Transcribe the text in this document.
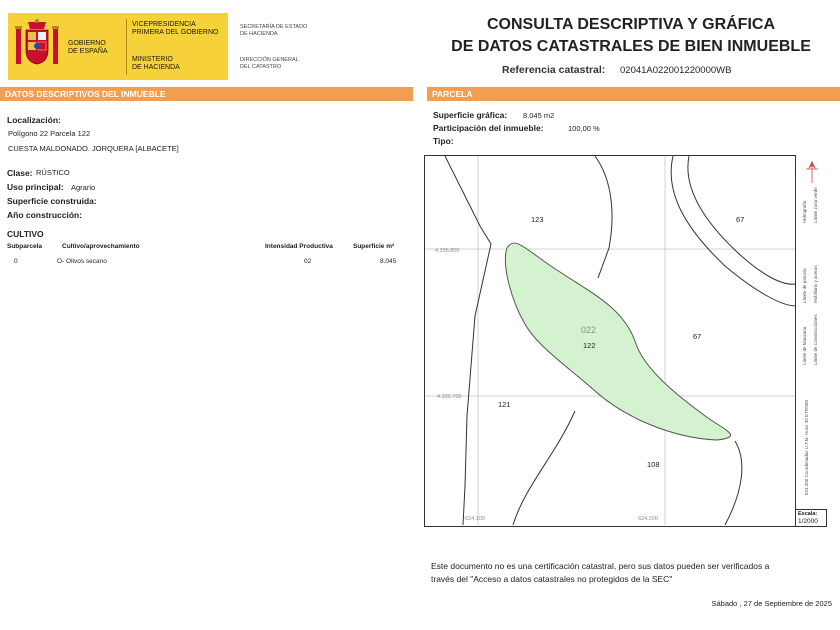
GOBIERNO
DE ESPAÑA
VICEPRESIDENCIA
PRIMERA DEL GOBIERNO
MINISTERIO
DE HACIENDA
SECRETARÍA DE ESTADO
DE HACIENDA
DIRECCIÓN GENERAL
DEL CATASTRO
CONSULTA DESCRIPTIVA Y GRÁFICA
DE DATOS CATASTRALES DE BIEN INMUEBLE
Referencia catastral: 02041A022001220000WB
DATOS DESCRIPTIVOS DEL INMUEBLE	PARCELA
Localización:
Polígono 22 Parcela 122
CUESTA MALDONADO. JORQUERA [ALBACETE]
Clase: RÚSTICO
Uso principal: Agrario
Superficie construida:
Año construcción:
CULTIVO
Subparcela	Cultivo/aprovechamiento	Intensidad Productiva	Superficie m²
0	O- Olivos secano	02	8.045
Superficie gráfica: 8.045 m2
Participación del inmueble:	100,00 %
Tipo:
123	67
022
122
67
121
108
4.336.800
4.336.700
624.100	624.200
Hidrografía Límite zona verde
Límite de parcela Mobiliario y aceras
Límite de Manzana Límite de Construcciones
624.200 Coordenadas U.T.M. Huso 30 ETRS89
Escala:
1/2000
Este documento no es una certificación catastral, pero sus datos pueden ser verificados a
través del "Acceso a datos catastrales no protegidos de la SEC"
Sábado , 27 de Septiembre de 2025
